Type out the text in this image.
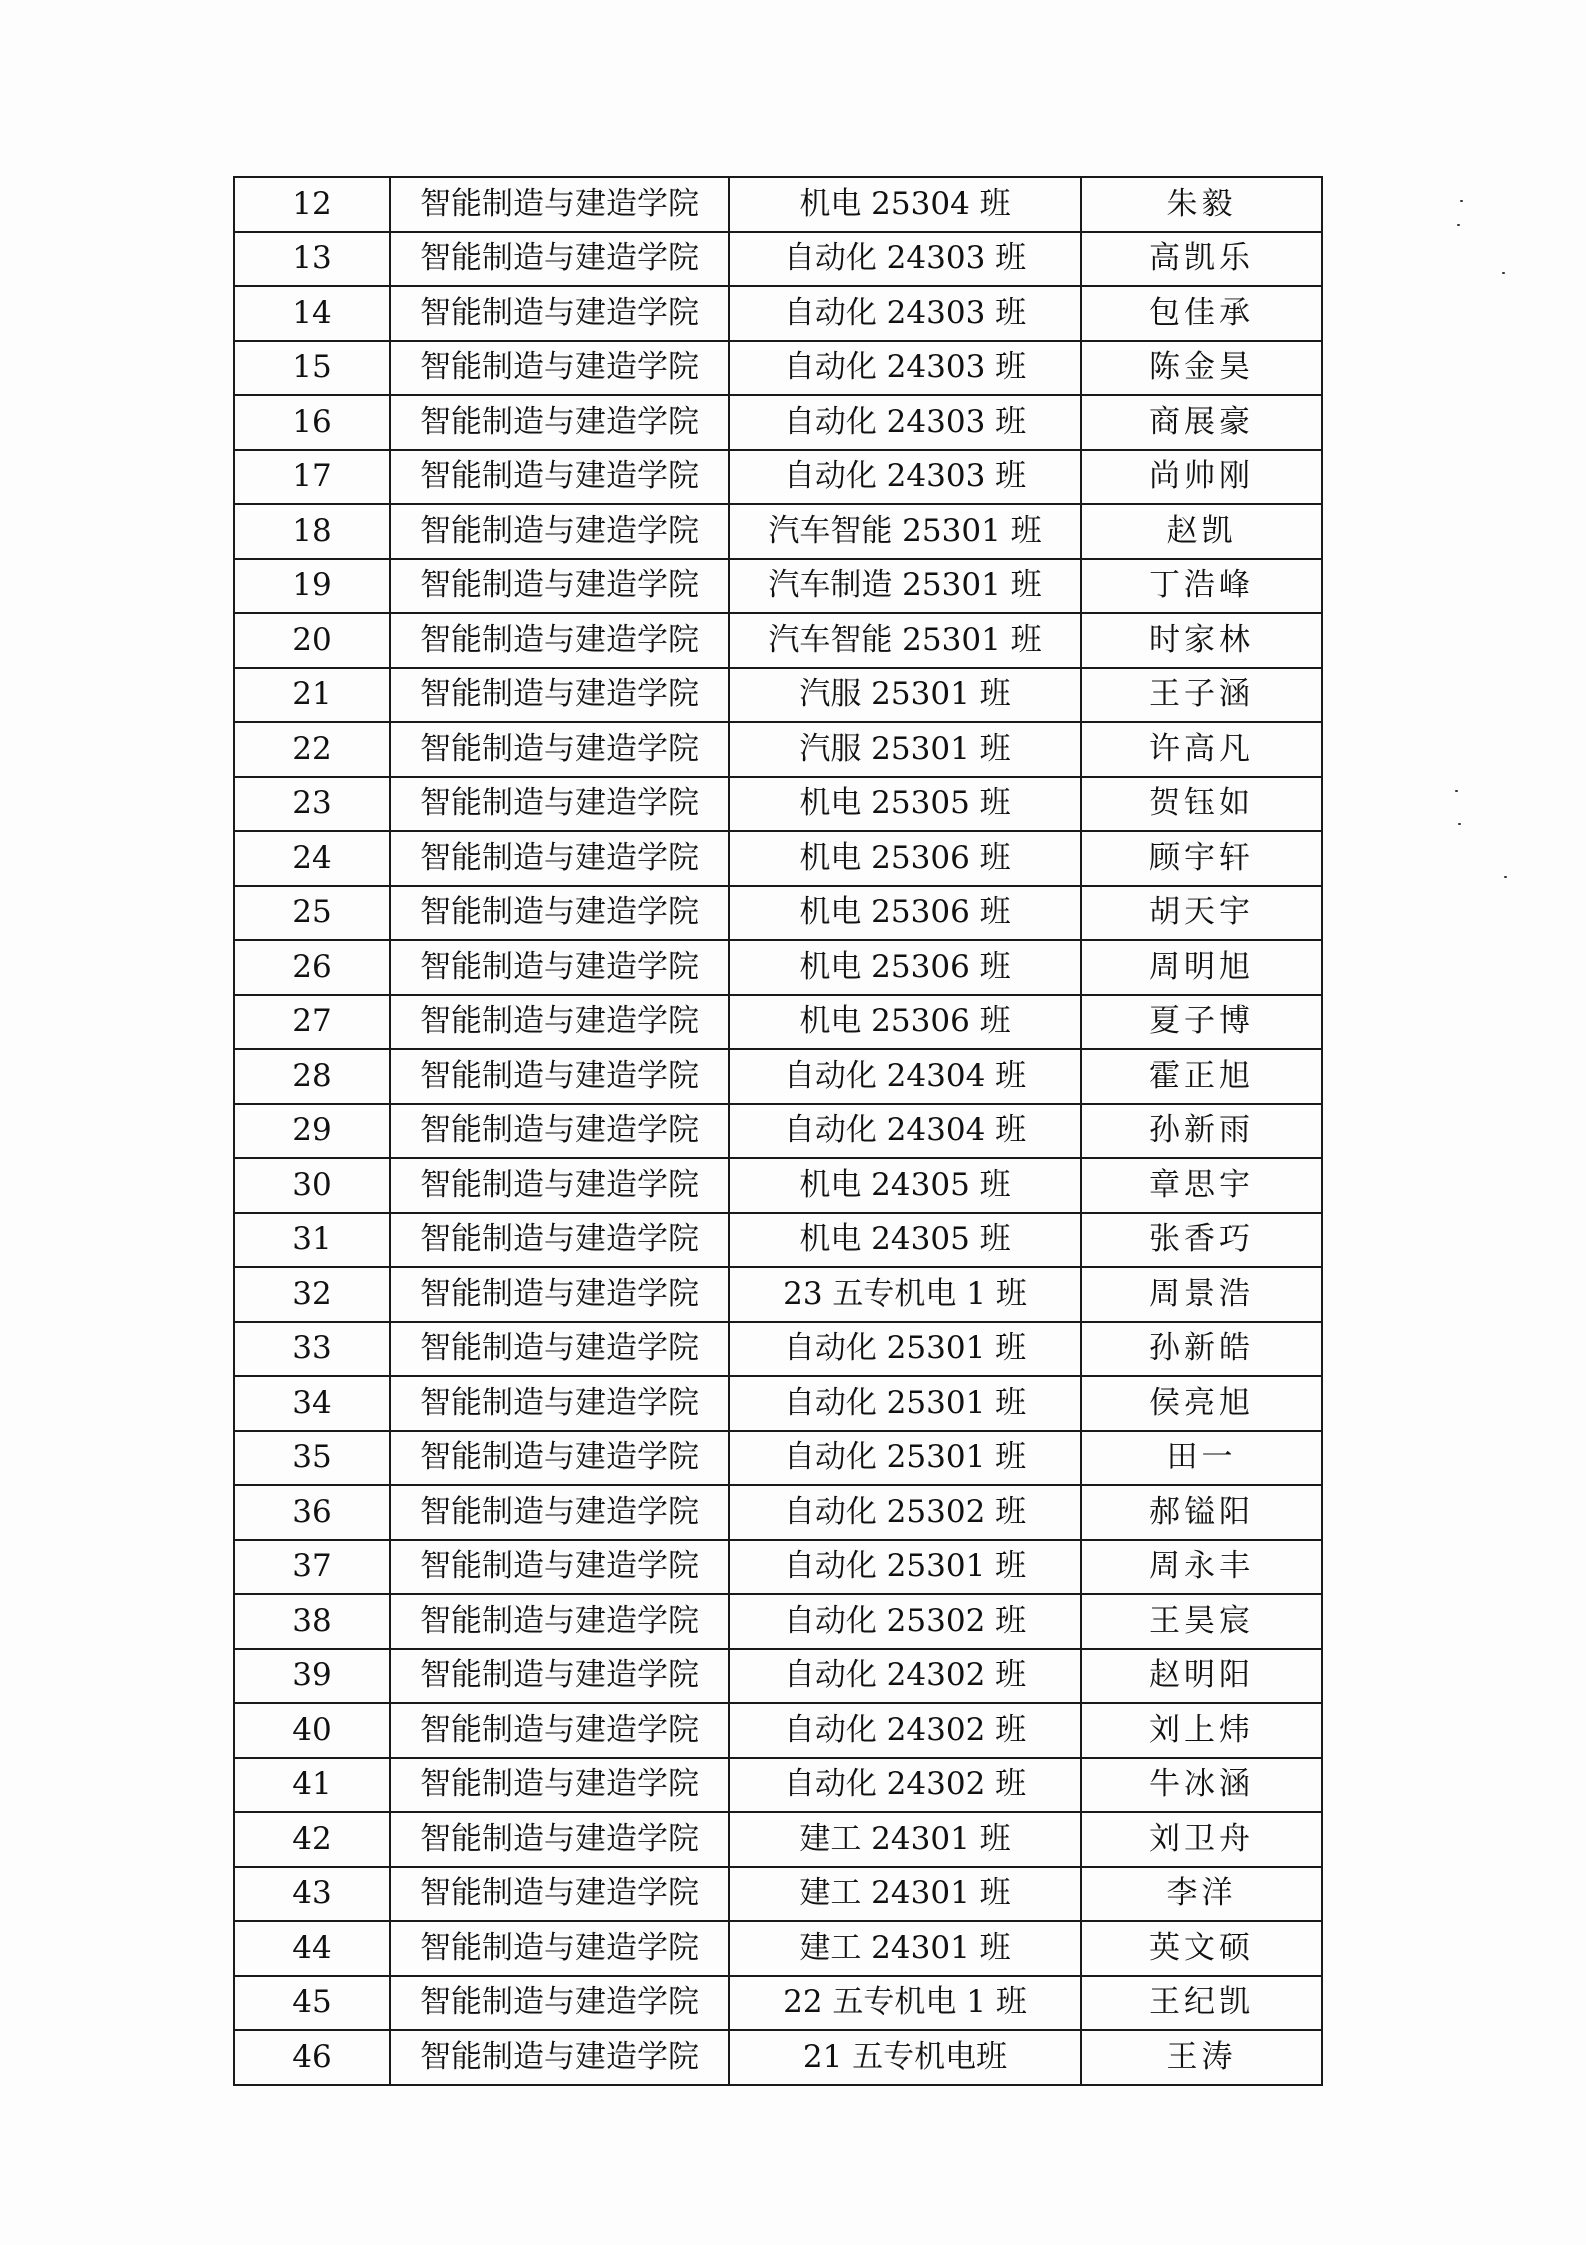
12	智能制造与建造学院	机电 25304 班	朱毅
13	智能制造与建造学院	自动化 24303 班	高凯乐
14	智能制造与建造学院	自动化 24303 班	包佳承
15	智能制造与建造学院	自动化 24303 班	陈金昊
16	智能制造与建造学院	自动化 24303 班	商展豪
17	智能制造与建造学院	自动化 24303 班	尚帅刚
18	智能制造与建造学院	汽车智能 25301 班	赵凯
19	智能制造与建造学院	汽车制造 25301 班	丁浩峰
20	智能制造与建造学院	汽车智能 25301 班	时家林
21	智能制造与建造学院	汽服 25301 班	王子涵
22	智能制造与建造学院	汽服 25301 班	许高凡
23	智能制造与建造学院	机电 25305 班	贺钰如
24	智能制造与建造学院	机电 25306 班	顾宇轩
25	智能制造与建造学院	机电 25306 班	胡天宇
26	智能制造与建造学院	机电 25306 班	周明旭
27	智能制造与建造学院	机电 25306 班	夏子博
28	智能制造与建造学院	自动化 24304 班	霍正旭
29	智能制造与建造学院	自动化 24304 班	孙新雨
30	智能制造与建造学院	机电 24305 班	章思宇
31	智能制造与建造学院	机电 24305 班	张香巧
32	智能制造与建造学院	23 五专机电 1 班	周景浩
33	智能制造与建造学院	自动化 25301 班	孙新皓
34	智能制造与建造学院	自动化 25301 班	侯亮旭
35	智能制造与建造学院	自动化 25301 班	田一
36	智能制造与建造学院	自动化 25302 班	郝镒阳
37	智能制造与建造学院	自动化 25301 班	周永丰
38	智能制造与建造学院	自动化 25302 班	王昊宸
39	智能制造与建造学院	自动化 24302 班	赵明阳
40	智能制造与建造学院	自动化 24302 班	刘上炜
41	智能制造与建造学院	自动化 24302 班	牛冰涵
42	智能制造与建造学院	建工 24301 班	刘卫舟
43	智能制造与建造学院	建工 24301 班	李洋
44	智能制造与建造学院	建工 24301 班	英文硕
45	智能制造与建造学院	22 五专机电 1 班	王纪凯
46	智能制造与建造学院	21 五专机电班	王涛
